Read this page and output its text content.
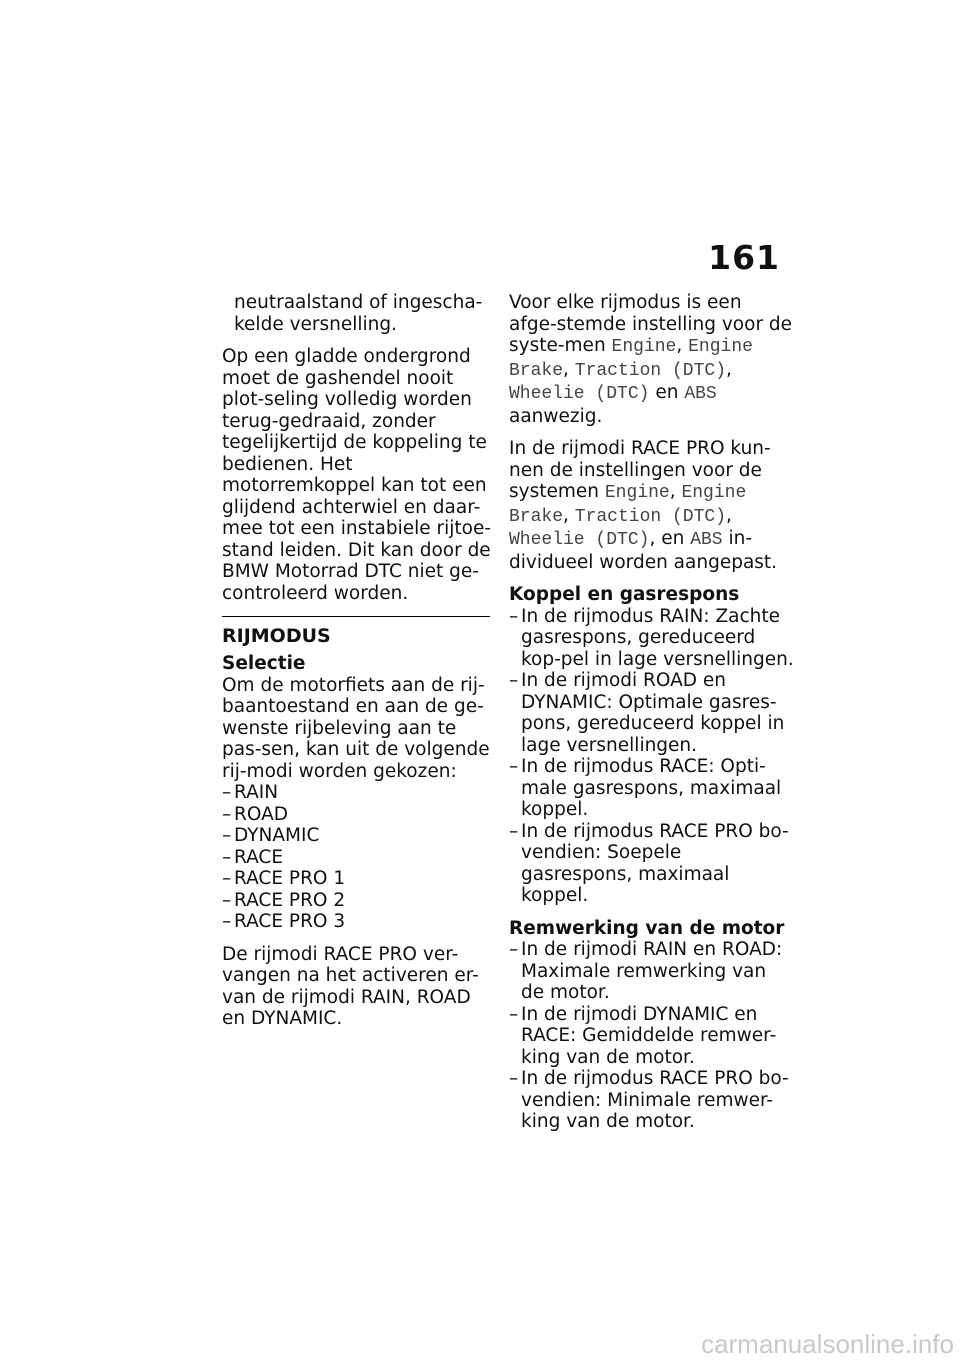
161

neutraalstand of ingescha-
kelde versnelling.

Op een gladde ondergrond moet de gashendel nooit plot-seling volledig worden terug-gedraaid, zonder tegelijkertijd de koppeling te bedienen. Het motorremkoppel kan tot een glijdend achterwiel en daar-mee tot een instabiele rijtoe-stand leiden. Dit kan door de BMW Motorrad DTC niet ge-controleerd worden.

RIJMODUS
Selectie

Om de motorfiets aan de rij-baantoestand en aan de ge-wenste rijbeleving aan te pas-sen, kan uit de volgende rij-modi worden gekozen:

– RAIN
– ROAD
– DYNAMIC
– RACE
– RACE PRO 1
– RACE PRO 2
– RACE PRO 3

De rijmodi RACE PRO ver-vangen na het activeren er-van de rijmodi RAIN, ROAD en DYNAMIC.

Voor elke rijmodus is een afge-stemde instelling voor de syste-men Engine, Engine Brake, Traction (DTC), Wheelie (DTC) en ABS aanwezig.

In de rijmodi RACE PRO kun-nen de instellingen voor de systemen Engine, Engine Brake, Traction (DTC), Wheelie (DTC), en ABS in-dividueel worden aangepast.

Koppel en gasrespons
– In de rijmodus RAIN: Zachte gasrespons, gereduceerd kop-pel in lage versnellingen.
– In de rijmodi ROAD en DYNAMIC: Optimale gasres-pons, gereduceerd koppel in lage versnellingen.
– In de rijmodus RACE: Opti-male gasrespons, maximaal koppel.
– In de rijmodus RACE PRO bo-vendien: Soepele gasrespons, maximaal koppel.
Remwerking van de motor
– In de rijmodi RAIN en ROAD: Maximale remwerking van de motor.
– In de rijmodi DYNAMIC en RACE: Gemiddelde remwer-king van de motor.
– In de rijmodus RACE PRO bo-vendien: Minimale remwer-king van de motor.
carmanualsonline.info
